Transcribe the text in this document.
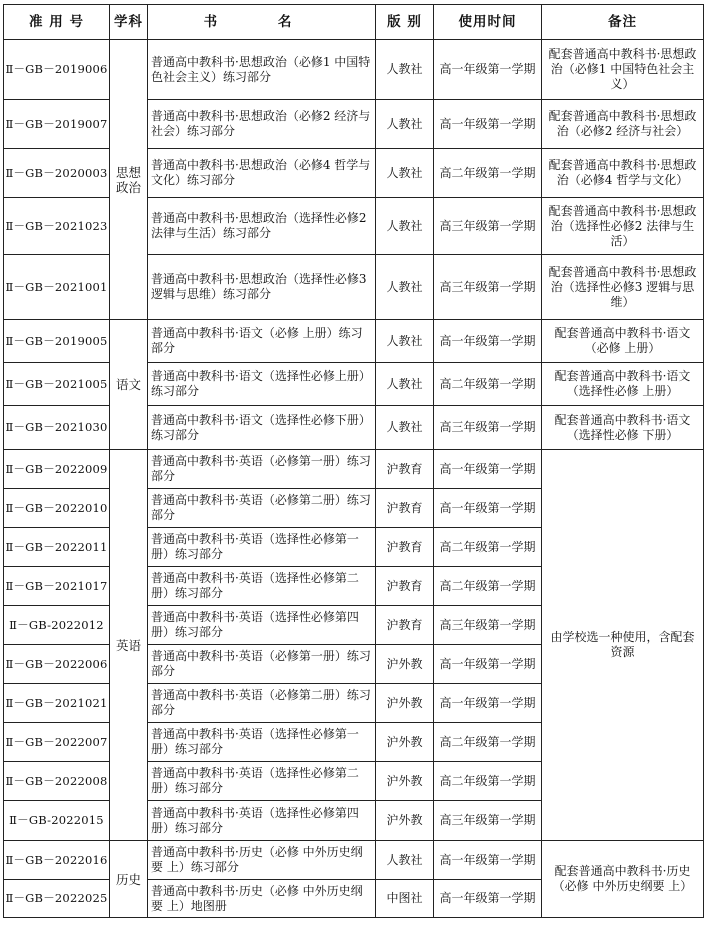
准 用 号	学科	书 名	版 别	使用时间	备注
Ⅱ－GB－2019006	思想政治	普通高中教科书·思想政治（必修1 中国特色社会主义）练习部分	人教社	高一年级第一学期	配套普通高中教科书·思想政治（必修1 中国特色社会主义）
Ⅱ－GB－2019007		普通高中教科书·思想政治（必修2 经济与社会）练习部分	人教社	高一年级第一学期	配套普通高中教科书·思想政治（必修2 经济与社会）
Ⅱ－GB－2020003		普通高中教科书·思想政治（必修4 哲学与文化）练习部分	人教社	高二年级第一学期	配套普通高中教科书·思想政治（必修4 哲学与文化）
Ⅱ－GB－2021023		普通高中教科书·思想政治（选择性必修2 法律与生活）练习部分	人教社	高三年级第一学期	配套普通高中教科书·思想政治（选择性必修2 法律与生活）
Ⅱ－GB－2021001		普通高中教科书·思想政治（选择性必修3 逻辑与思维）练习部分	人教社	高三年级第一学期	配套普通高中教科书·思想政治（选择性必修3 逻辑与思维）
Ⅱ－GB－2019005	语文	普通高中教科书·语文（必修 上册）练习部分	人教社	高一年级第一学期	配套普通高中教科书·语文（必修 上册）
Ⅱ－GB－2021005		普通高中教科书·语文（选择性必修上册）练习部分	人教社	高二年级第一学期	配套普通高中教科书·语文（选择性必修 上册）
Ⅱ－GB－2021030		普通高中教科书·语文（选择性必修下册）练习部分	人教社	高三年级第一学期	配套普通高中教科书·语文（选择性必修 下册）
Ⅱ－GB－2022009	英语	普通高中教科书·英语（必修第一册）练习部分	沪教育	高一年级第一学期	由学校选一种使用，含配套资源
Ⅱ－GB－2022010		普通高中教科书·英语（必修第二册）练习部分	沪教育	高一年级第一学期	
Ⅱ－GB－2022011		普通高中教科书·英语（选择性必修第一册）练习部分	沪教育	高二年级第一学期	
Ⅱ－GB－2021017		普通高中教科书·英语（选择性必修第二册）练习部分	沪教育	高二年级第一学期	
Ⅱ－GB-2022012		普通高中教科书·英语（选择性必修第四册）练习部分	沪教育	高三年级第一学期	
Ⅱ－GB－2022006		普通高中教科书·英语（必修第一册）练习部分	沪外教	高一年级第一学期	
Ⅱ－GB－2021021		普通高中教科书·英语（必修第二册）练习部分	沪外教	高一年级第一学期	
Ⅱ－GB－2022007		普通高中教科书·英语（选择性必修第一册）练习部分	沪外教	高二年级第一学期	
Ⅱ－GB－2022008		普通高中教科书·英语（选择性必修第二册）练习部分	沪外教	高二年级第一学期	
Ⅱ－GB-2022015		普通高中教科书·英语（选择性必修第四册）练习部分	沪外教	高三年级第一学期	
Ⅱ－GB－2022016	历史	普通高中教科书·历史（必修 中外历史纲要 上）练习部分	人教社	高一年级第一学期	配套普通高中教科书·历史（必修 中外历史纲要 上）
Ⅱ－GB－2022025		普通高中教科书·历史（必修 中外历史纲要 上）地图册	中图社	高一年级第一学期	
